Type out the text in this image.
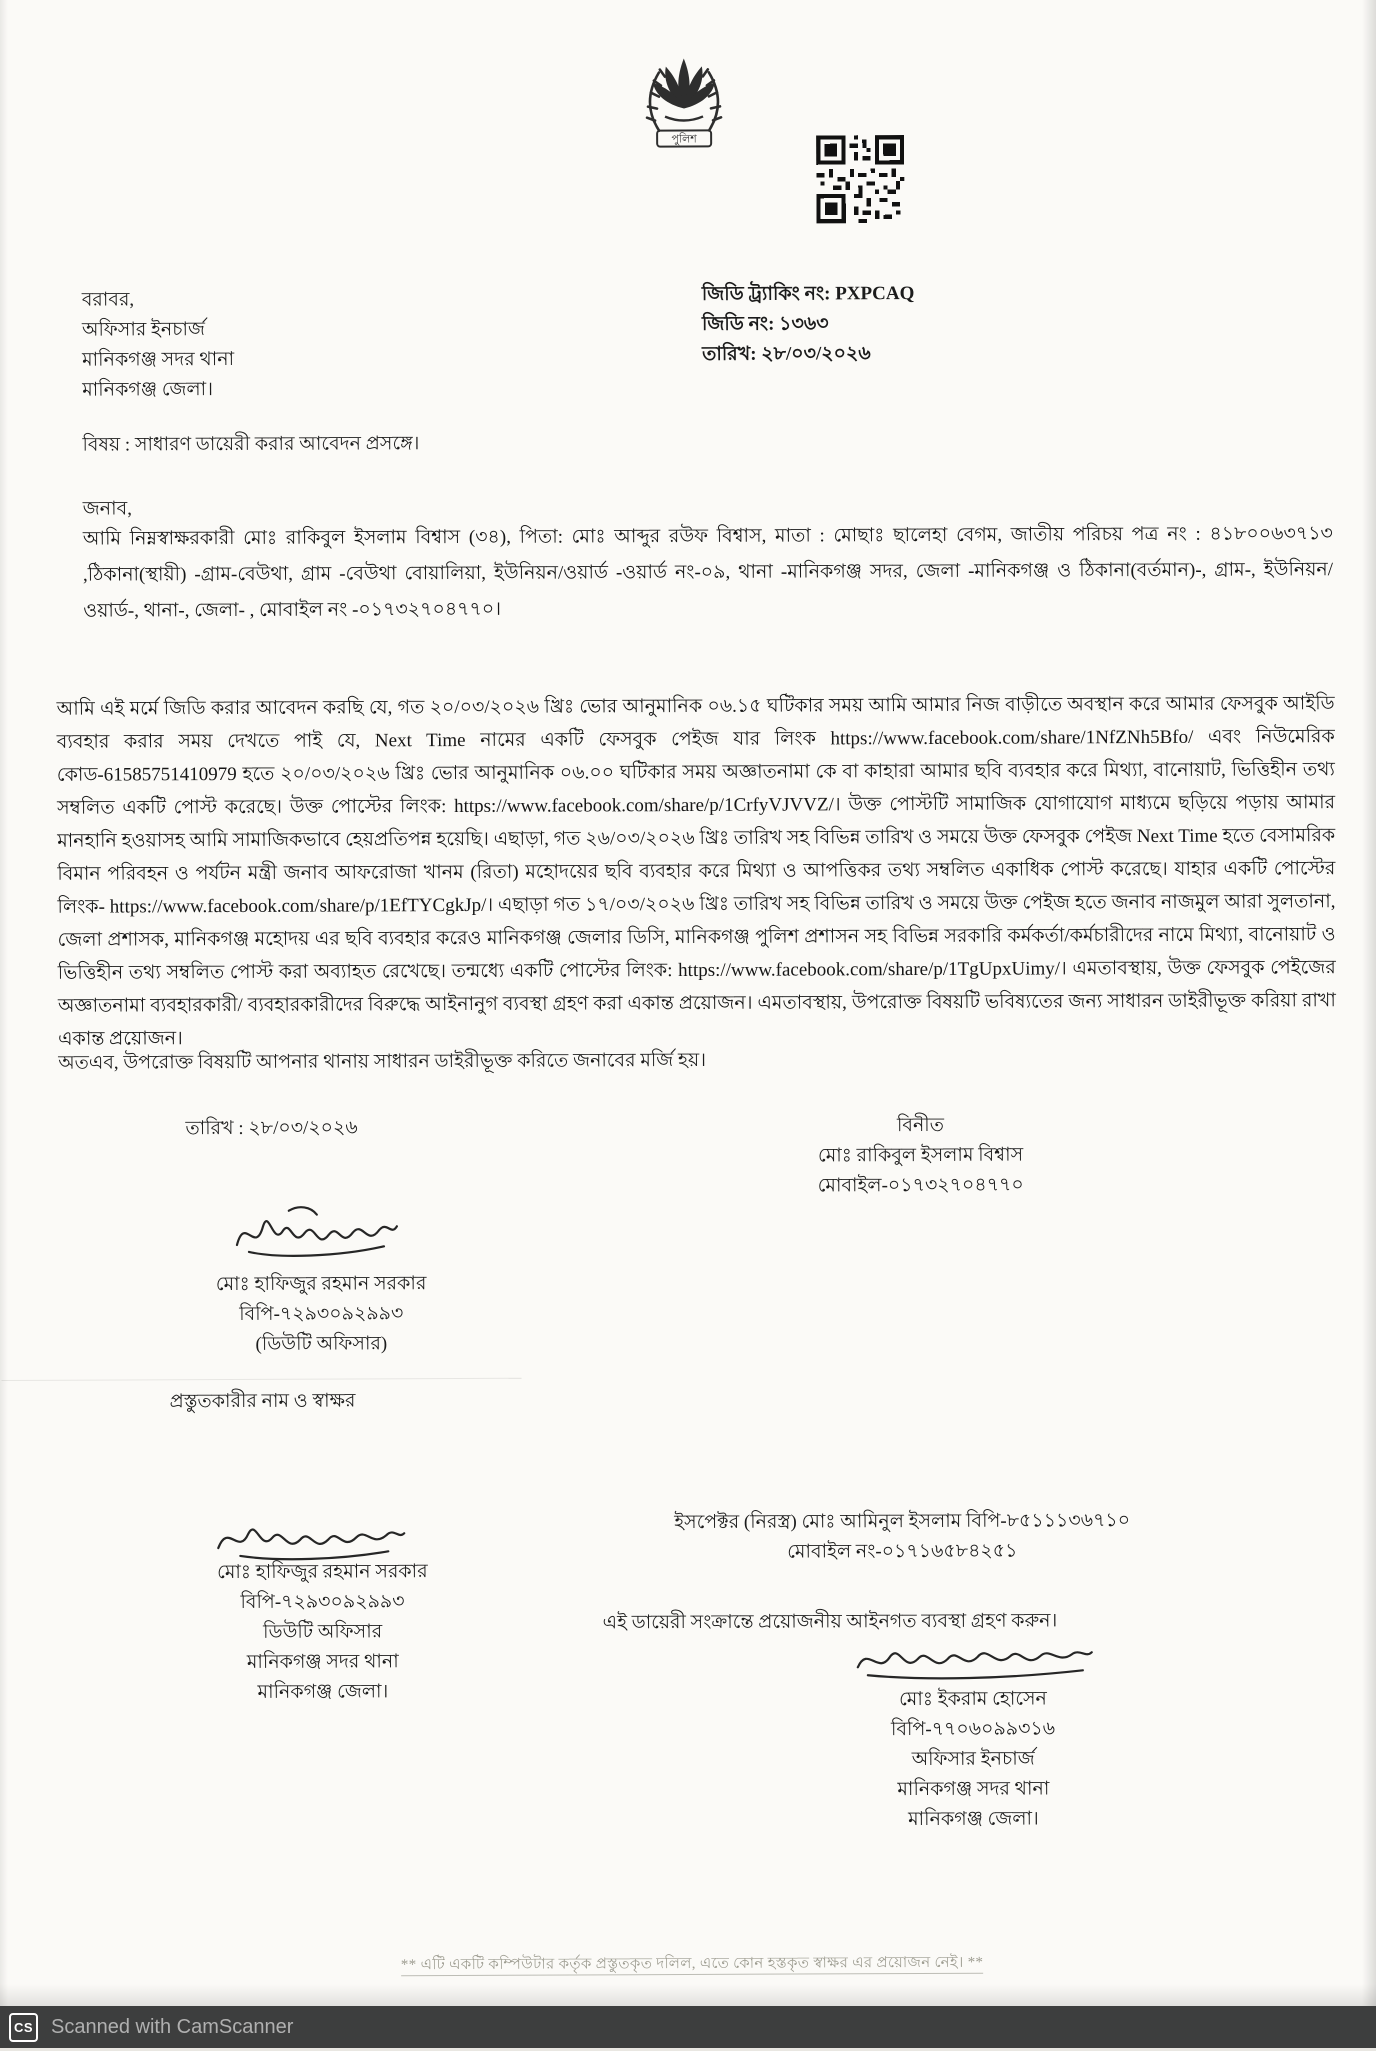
পুলিশ
জিডি ট্র্যাকিং নং: PXPCAQ
জিডি নং: ১৩৬৩
তারিখ: ২৮/০৩/২০২৬
বরাবর,
অফিসার ইনচার্জ
মানিকগঞ্জ সদর থানা
মানিকগঞ্জ জেলা।
বিষয় : সাধারণ ডায়েরী করার আবেদন প্রসঙ্গে।
জনাব,
আমি নিম্নস্বাক্ষরকারী মোঃ রাকিবুল ইসলাম বিশ্বাস (৩৪), পিতা: মোঃ আব্দুর রউফ বিশ্বাস, মাতা : মোছাঃ ছালেহা বেগম, জাতীয় পরিচয় পত্র নং : ৪১৮০০৬৩৭১৩ ,ঠিকানা(স্থায়ী) -গ্রাম-বেউথা, গ্রাম -বেউথা বোয়ালিয়া, ইউনিয়ন/ওয়ার্ড -ওয়ার্ড নং-০৯, থানা -মানিকগঞ্জ সদর, জেলা -মানিকগঞ্জ ও ঠিকানা(বর্তমান)-, গ্রাম-, ইউনিয়ন/ ওয়ার্ড-, থানা-, জেলা- , মোবাইল নং -০১৭৩২৭০৪৭৭০।
আমি এই মর্মে জিডি করার আবেদন করছি যে, গত ২০/০৩/২০২৬ খ্রিঃ ভোর আনুমানিক ০৬.১৫ ঘটিকার সময় আমি আমার নিজ বাড়ীতে অবস্থান করে আমার ফেসবুক আইডি ব্যবহার করার সময় দেখতে পাই যে, Next Time নামের একটি ফেসবুক পেইজ যার লিংক https://www.facebook.com/share/1NfZNh5Bfo/ এবং নিউমেরিক কোড-61585751410979 হতে ২০/০৩/২০২৬ খ্রিঃ ভোর আনুমানিক ০৬.০০ ঘটিকার সময় অজ্ঞাতনামা কে বা কাহারা আমার ছবি ব্যবহার করে মিথ্যা, বানোয়াট, ভিত্তিহীন তথ্য সম্বলিত একটি পোস্ট করেছে। উক্ত পোস্টের লিংক: https://www.facebook.com/share/p/1CrfyVJVVZ/। উক্ত পোস্টটি সামাজিক যোগাযোগ মাধ্যমে ছড়িয়ে পড়ায় আমার মানহানি হওয়াসহ আমি সামাজিকভাবে হেয়প্রতিপন্ন হয়েছি। এছাড়া, গত ২৬/০৩/২০২৬ খ্রিঃ তারিখ সহ বিভিন্ন তারিখ ও সময়ে উক্ত ফেসবুক পেইজ Next Time হতে বেসামরিক বিমান পরিবহন ও পর্যটন মন্ত্রী জনাব আফরোজা খানম (রিতা) মহোদয়ের ছবি ব্যবহার করে মিথ্যা ও আপত্তিকর তথ্য সম্বলিত একাধিক পোস্ট করেছে। যাহার একটি পোস্টের লিংক- https://www.facebook.com/share/p/1EfTYCgkJp/। এছাড়া গত ১৭/০৩/২০২৬ খ্রিঃ তারিখ সহ বিভিন্ন তারিখ ও সময়ে উক্ত পেইজ হতে জনাব নাজমুল আরা সুলতানা, জেলা প্রশাসক, মানিকগঞ্জ মহোদয় এর ছবি ব্যবহার করেও মানিকগঞ্জ জেলার ডিসি, মানিকগঞ্জ পুলিশ প্রশাসন সহ বিভিন্ন সরকারি কর্মকর্তা/কর্মচারীদের নামে মিথ্যা, বানোয়াট ও ভিত্তিহীন তথ্য সম্বলিত পোস্ট করা অব্যাহত রেখেছে। তন্মধ্যে একটি পোস্টের লিংক: https://www.facebook.com/share/p/1TgUpxUimy/। এমতাবস্থায়, উক্ত ফেসবুক পেইজের অজ্ঞাতনামা ব্যবহারকারী/ ব্যবহারকারীদের বিরুদ্ধে আইনানুগ ব্যবস্থা গ্রহণ করা একান্ত প্রয়োজন। এমতাবস্থায়, উপরোক্ত বিষয়টি ভবিষ্যতের জন্য সাধারন ডাইরীভূক্ত করিয়া রাখা একান্ত প্রয়োজন।
অতএব, উপরোক্ত বিষয়টি আপনার থানায় সাধারন ডাইরীভূক্ত করিতে জনাবের মর্জি হয়।
তারিখ : ২৮/০৩/২০২৬	বিনীত
মোঃ রাকিবুল ইসলাম বিশ্বাস
মোবাইল-০১৭৩২৭০৪৭৭০
মোঃ হাফিজুর রহমান সরকার
বিপি-৭২৯৩০৯২৯৯৩
(ডিউটি অফিসার)
প্রস্তুতকারীর নাম ও স্বাক্ষর
মোঃ হাফিজুর রহমান সরকার
বিপি-৭২৯৩০৯২৯৯৩
ডিউটি অফিসার
মানিকগঞ্জ সদর থানা
মানিকগঞ্জ জেলা।
ইসপেক্টর (নিরস্ত্র) মোঃ আমিনুল ইসলাম বিপি-৮৫১১১৩৬৭১০
মোবাইল নং-০১৭১৬৫৮৪২৫১
এই ডায়েরী সংক্রান্তে প্রয়োজনীয় আইনগত ব্যবস্থা গ্রহণ করুন।
মোঃ ইকরাম হোসেন
বিপি-৭৭০৬০৯৯৩১৬
অফিসার ইনচার্জ
মানিকগঞ্জ সদর থানা
মানিকগঞ্জ জেলা।
** এটি একটি কম্পিউটার কর্তৃক প্রস্তুতকৃত দলিল, এতে কোন হস্তকৃত স্বাক্ষর এর প্রয়োজন নেই। **
CS Scanned with CamScanner
